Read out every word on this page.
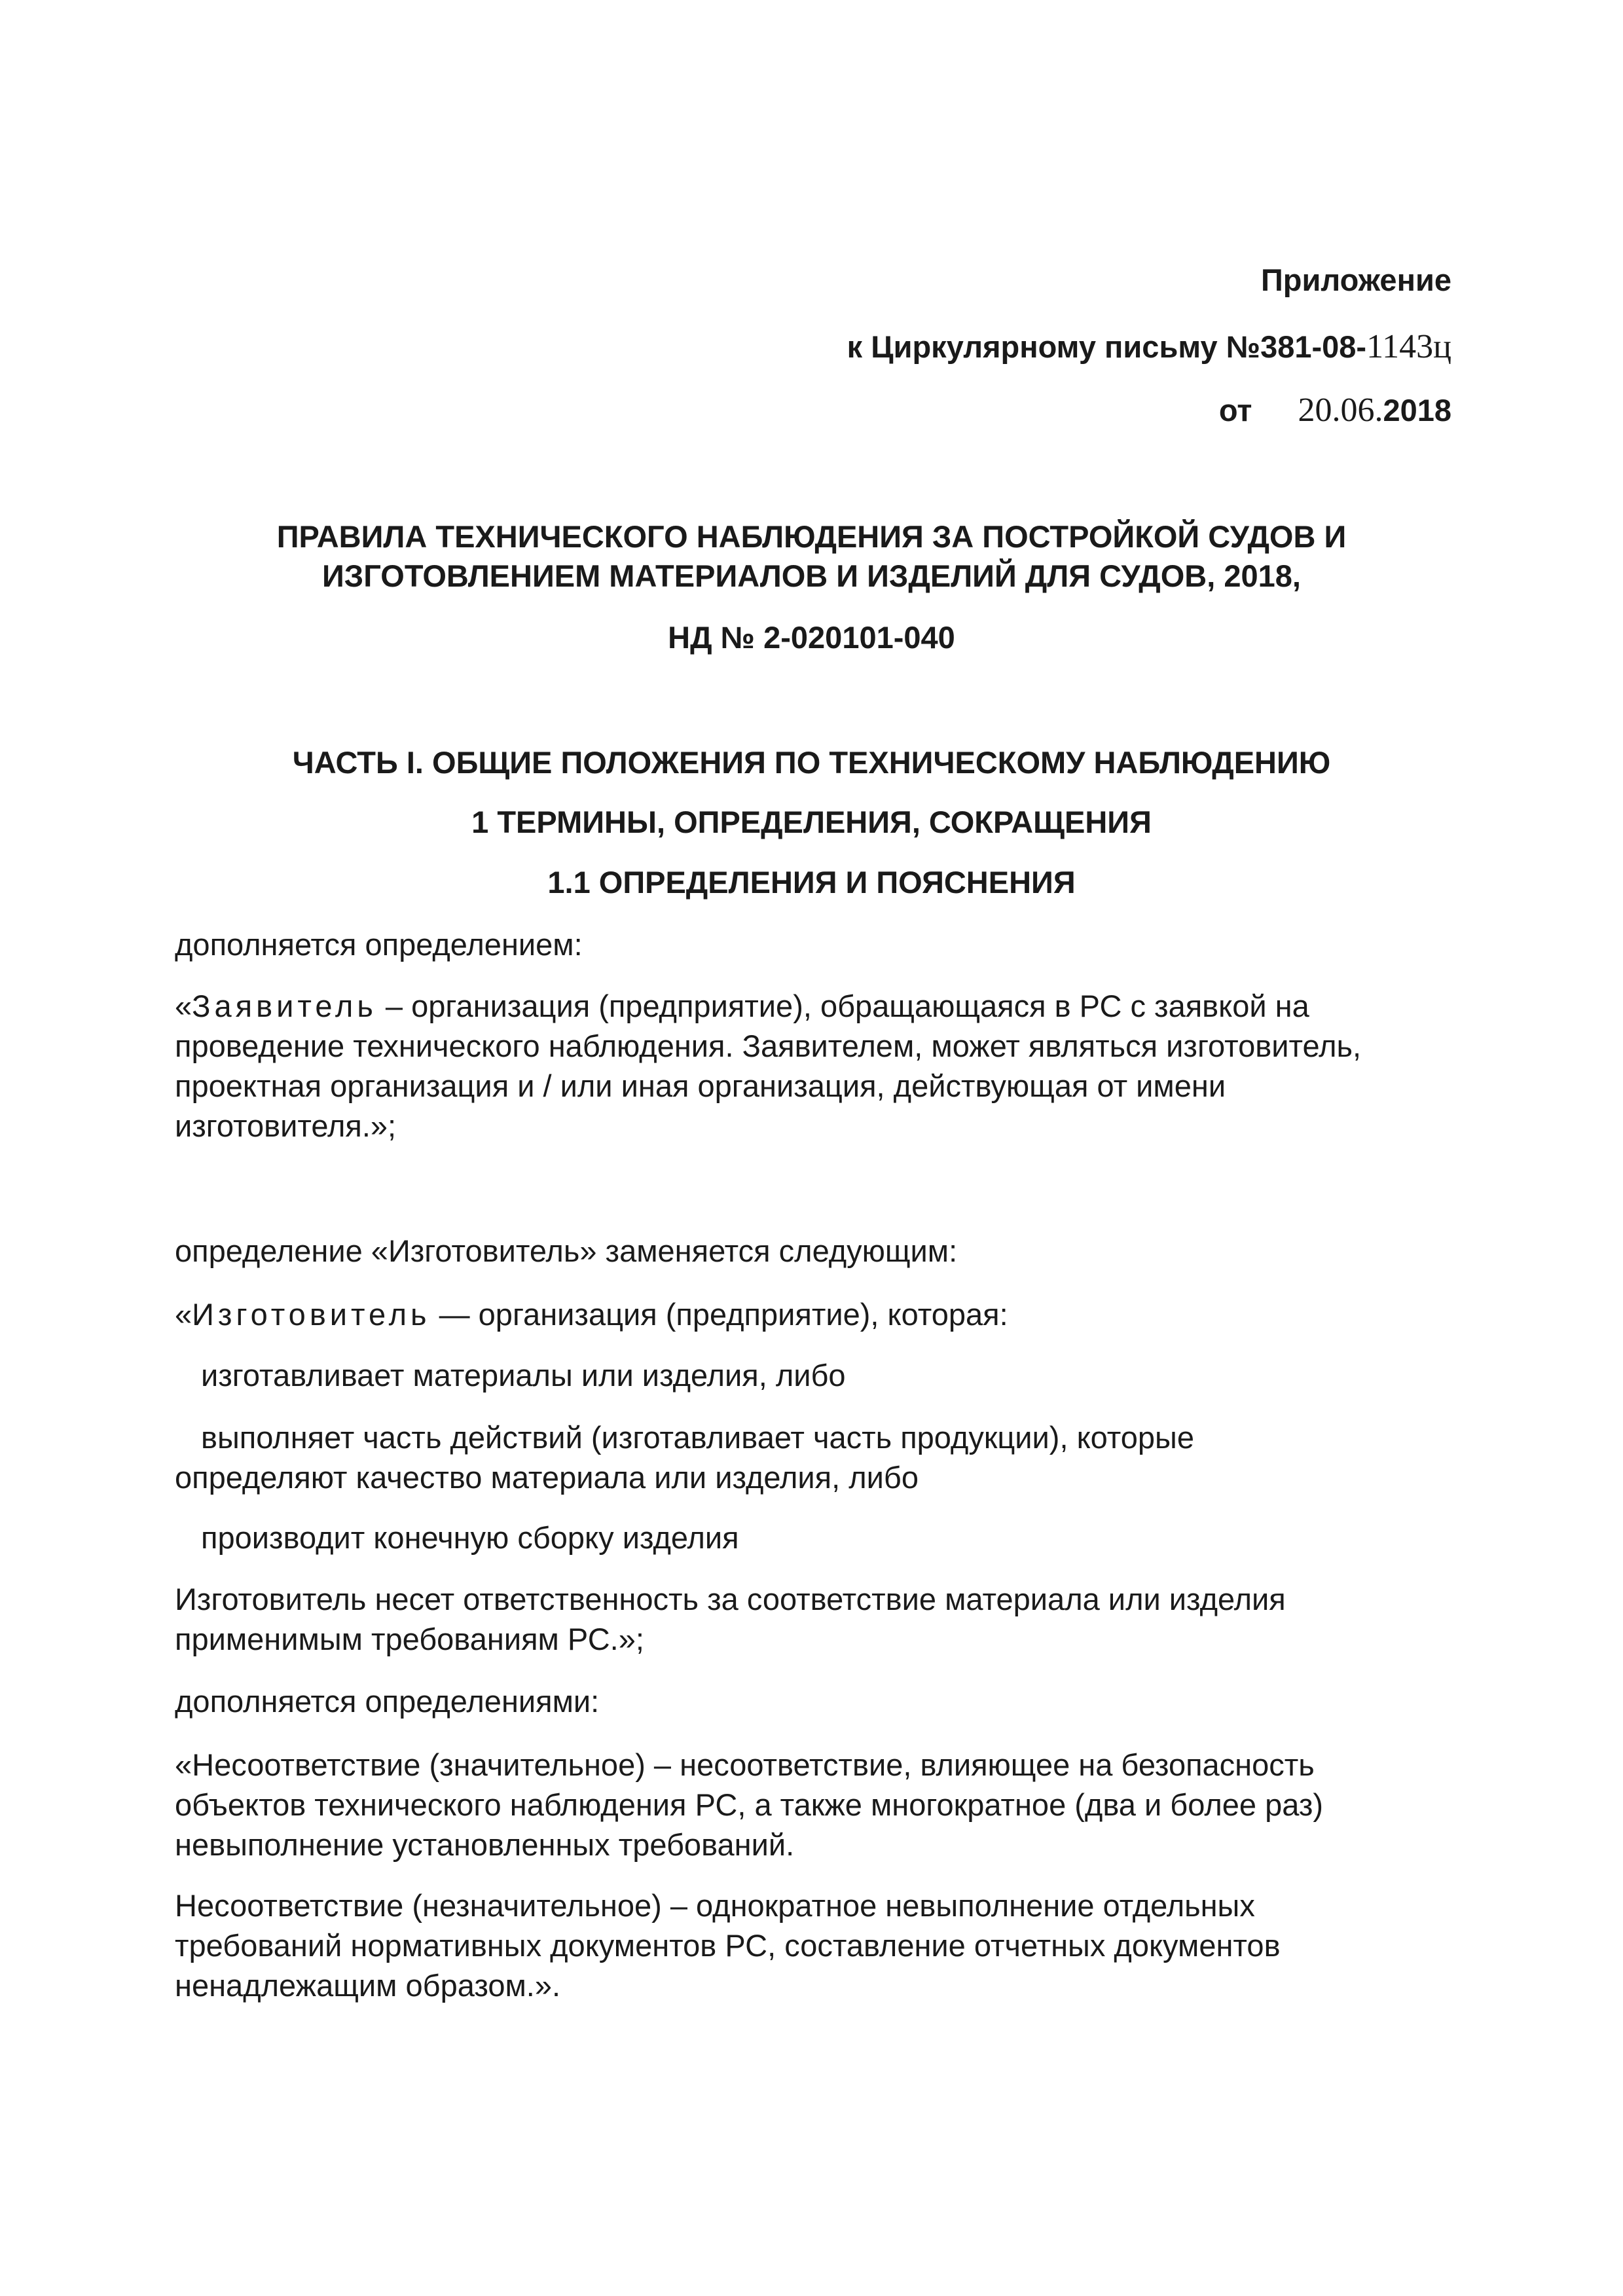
Приложение
к Циркулярному письму №381-08-1143ц
от 20.06.2018
ПРАВИЛА ТЕХНИЧЕСКОГО НАБЛЮДЕНИЯ ЗА ПОСТРОЙКОЙ СУДОВ И
ИЗГОТОВЛЕНИЕМ МАТЕРИАЛОВ И ИЗДЕЛИЙ ДЛЯ СУДОВ, 2018,
НД № 2-020101-040
ЧАСТЬ I. ОБЩИЕ ПОЛОЖЕНИЯ ПО ТЕХНИЧЕСКОМУ НАБЛЮДЕНИЮ
1 ТЕРМИНЫ, ОПРЕДЕЛЕНИЯ, СОКРАЩЕНИЯ
1.1 ОПРЕДЕЛЕНИЯ И ПОЯСНЕНИЯ
дополняется определением:
«Заявитель – организация (предприятие), обращающаяся в РС с заявкой на
проведение технического наблюдения. Заявителем, может являться изготовитель,
проектная организация и / или иная организация, действующая от имени
изготовителя.»;
определение «Изготовитель» заменяется следующим:
«Изготовитель — организация (предприятие), которая:
изготавливает материалы или изделия, либо
выполняет часть действий (изготавливает часть продукции), которые
определяют качество материала или изделия, либо
производит конечную сборку изделия
Изготовитель несет ответственность за соответствие материала или изделия
применимым требованиям РС.»;
дополняется определениями:
«Несоответствие (значительное) – несоответствие, влияющее на безопасность
объектов технического наблюдения РС, а также многократное (два и более раз)
невыполнение установленных требований.
Несоответствие (незначительное) – однократное невыполнение отдельных
требований нормативных документов РС, составление отчетных документов
ненадлежащим образом.».
